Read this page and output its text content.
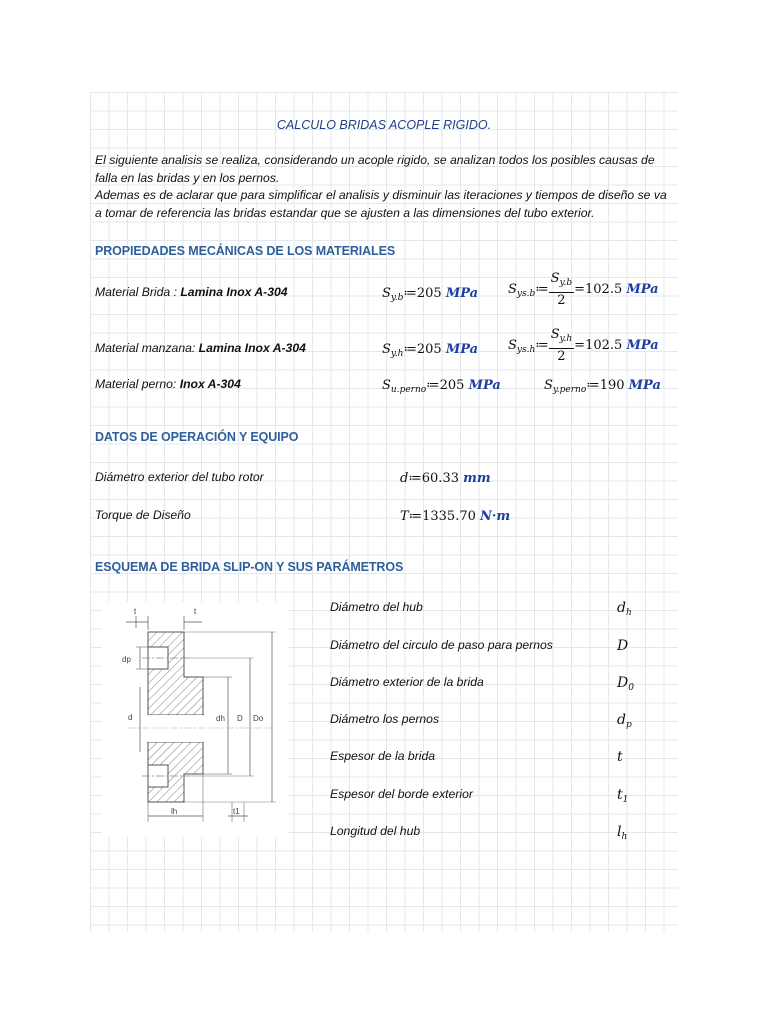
CALCULO BRIDAS ACOPLE RIGIDO.

El siguiente analisis se realiza, considerando un acople rigido, se analizan todos los posibles causas de falla en las bridas y en los pernos.

Ademas es de aclarar que para simplificar el analisis y disminuir las iteraciones y tiempos de diseño se va a tomar de referencia las bridas estandar que se ajusten a las dimensiones del tubo exterior.

PROPIEDADES MECÁNICAS DE LOS MATERIALES
Material Brida : Lamina Inox A-304	$S_{y.b}≔205$ MPa $S_{ys.b}≔ \frac{S_{y.b}}{2} =102.5$ MPa
Material manzana: Lamina Inox A-304	$S_{y.h}≔205$ MPa $S_{ys.h}≔ \frac{S_{y.h}}{2} =102.5$ MPa
Material perno: Inox A-304	$S_{u.perno}≔205$ MPa	$S_{y.perno}≔190$ MPa
DATOS DE OPERACIÓN Y EQUIPO
Diámetro exterior del tubo rotor	d≔60.33 mm
Torque de Diseño	T≔1335.70 N·m
ESQUEMA DE BRIDA SLIP-ON Y SUS PARÁMETROS
t	t
dp
d	dh D Do
lh	t1
Diámetro del hub	$d_h$
Diámetro del circulo de paso para pernos	D
Diámetro exterior de la brida	$D_0$
Diámetro los pernos	$d_p$
Espesor de la brida	t
Espesor del borde exterior	$t_1$
Longitud del hub	$l_h$
